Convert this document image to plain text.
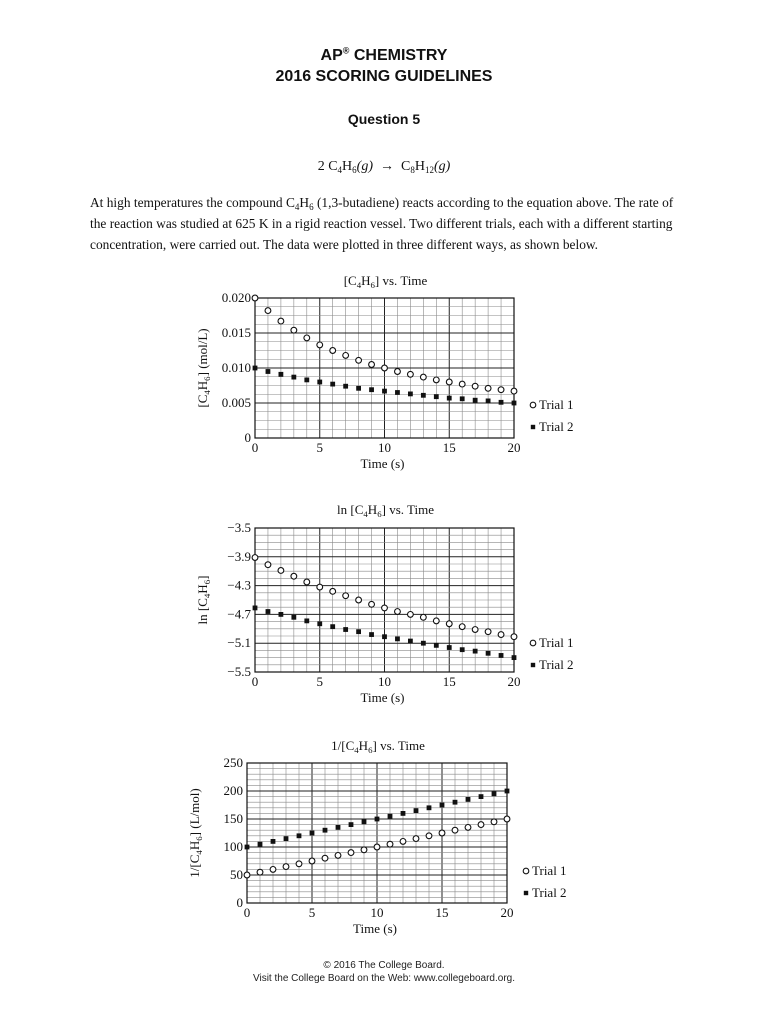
AP® CHEMISTRY
2016 SCORING GUIDELINES
Question 5
2 $C_4H_6(g) \to C_8H_{12}(g)$
At high temperatures the compound $C_4H_6$ (1,3-butadiene) reacts according to the equation above. The rate of the reaction was studied at 625 K in a rigid reaction vessel. Two different trials, each with a different starting concentration, were carried out. The data were plotted in three different ways, as shown below.
0	5	10	15	20
0
0.005
0.010
0.015
0.020
Time (s)
$[C_4H_6]$ vs. Time
$[C_4H_6]$ (mol/L)
Trial 1
Trial 2
0	5	10	15	20
−5.5
−5.1
−4.7
−4.3
−3.9
−3.5
Time (s)
$\ln [C_4H_6]$ vs. Time
$\ln [C_4H_6]$
Trial 1
Trial 2
0	5	10	15	20
0
50
100
150
200
250
Time (s)
$1/[C_4H_6]$ vs. Time
$1/[C_4H_6]$ (L/mol)
Trial 1
Trial 2
© 2016 The College Board.
Visit the College Board on the Web: www.collegeboard.org.
